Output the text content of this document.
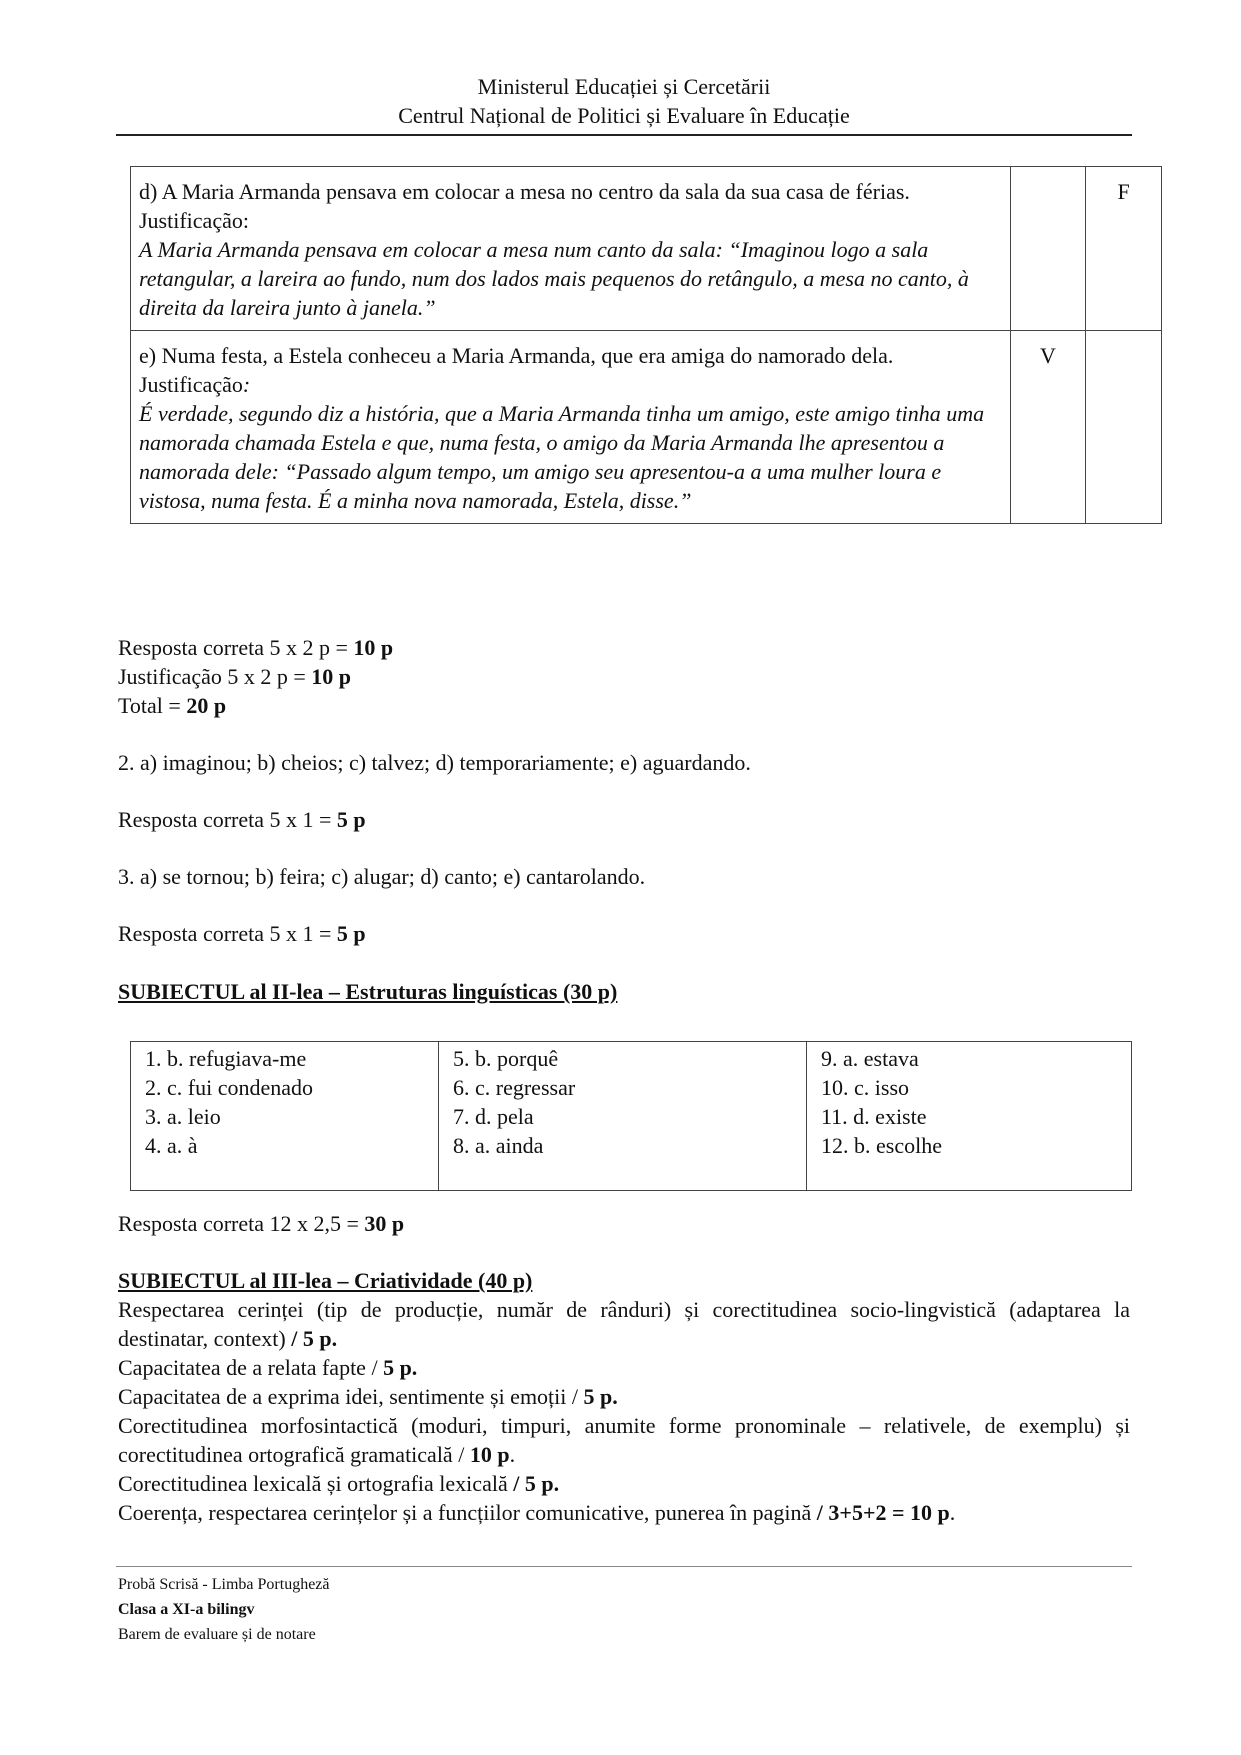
Ministerul Educației și Cercetării
Centrul Național de Politici și Evaluare în Educație
d) A Maria Armanda pensava em colocar a mesa no centro da sala da sua casa de férias.
Justificação:
A Maria Armanda pensava em colocar a mesa num canto da sala: “Imaginou logo a sala retangular, a lareira ao fundo, num dos lados mais pequenos do retângulo, a mesa no canto, à direita da lareira junto à janela.”		F

e) Numa festa, a Estela conheceu a Maria Armanda, que era amiga do namorado dela.
Justificação:
É verdade, segundo diz a história, que a Maria Armanda tinha um amigo, este amigo tinha uma namorada chamada Estela e que, numa festa, o amigo da Maria Armanda lhe apresentou a namorada dele: “Passado algum tempo, um amigo seu apresentou-a a uma mulher loura e vistosa, numa festa. É a minha nova namorada, Estela, disse.”	V	
Resposta correta 5 x 2 p = 10 p
Justificação 5 x 2 p = 10 p
Total = 20 p
2. a) imaginou; b) cheios; c) talvez; d) temporariamente; e) aguardando.
Resposta correta 5 x 1 = 5 p
3. a) se tornou; b) feira; c) alugar; d) canto; e) cantarolando.
Resposta correta 5 x 1 = 5 p
SUBIECTUL al II-lea – Estruturas linguísticas (30 p)
1. b. refugiava-me
2. c. fui condenado
3. a. leio
4. a. à

5. b. porquê
6. c. regressar
7. d. pela
8. a. ainda

9. a. estava
10. c. isso
11. d. existe
12. b. escolhe
Resposta correta 12 x 2,5 = 30 p
SUBIECTUL al III-lea – Criatividade (40 p)
Respectarea cerinței (tip de producție, număr de rânduri) și corectitudinea socio-lingvistică (adaptarea la destinatar, context) / 5 p.
Capacitatea de a relata fapte / 5 p.
Capacitatea de a exprima idei, sentimente și emoții / 5 p.
Corectitudinea morfosintactică (moduri, timpuri, anumite forme pronominale – relativele, de exemplu) și corectitudinea ortografică gramaticală / 10 p.
Corectitudinea lexicală și ortografia lexicală / 5 p.
Coerența, respectarea cerințelor și a funcțiilor comunicative, punerea în pagină / 3+5+2 = 10 p.
Probă Scrisă - Limba Portugheză
Clasa a XI-a bilingv
Barem de evaluare și de notare
